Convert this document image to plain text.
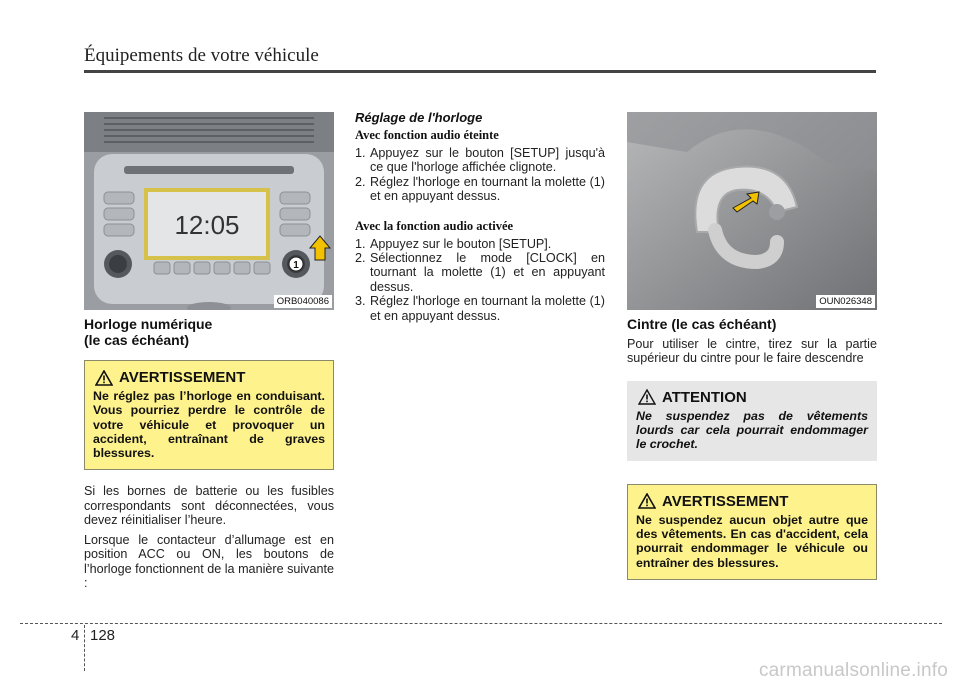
Équipements de votre véhicule
12:05
1
ORB040086
Horloge numérique
(le cas échéant)
AVERTISSEMENT
Ne réglez pas l’horloge en conduisant. Vous pourriez perdre le contrôle de votre véhicule et provoquer un accident, entraînant de graves blessures.

Si les bornes de batterie ou les fusibles correspondants sont déconnectées, vous devez réinitialiser l’heure.

Lorsque le contacteur d’allumage est en position ACC ou ON, les boutons de l’horloge fonctionnent de la manière suivante :

Réglage de l'horloge
Avec fonction audio éteinte
1. Appuyez sur le bouton [SETUP] jusqu'à ce que l'horloge affichée clignote.
2. Réglez l'horloge en tournant la molette (1) et en appuyant dessus.
Avec la fonction audio activée
1. Appuyez sur le bouton [SETUP].
2. Sélectionnez le mode [CLOCK] en tournant la molette (1) et en appuyant dessus.
3. Réglez l'horloge en tournant la molette (1) et en appuyant dessus.
OUN026348
Cintre (le cas échéant)

Pour utiliser le cintre, tirez sur la partie supérieur du cintre pour le faire descendre

ATTENTION
Ne suspendez pas de vêtements lourds car cela pourrait endommager le crochet.
AVERTISSEMENT
Ne suspendez aucun objet autre que des vêtements. En cas d'accident, cela pourrait endommager le véhicule ou entraîner des blessures.
4 128
carmanualsonline.info
